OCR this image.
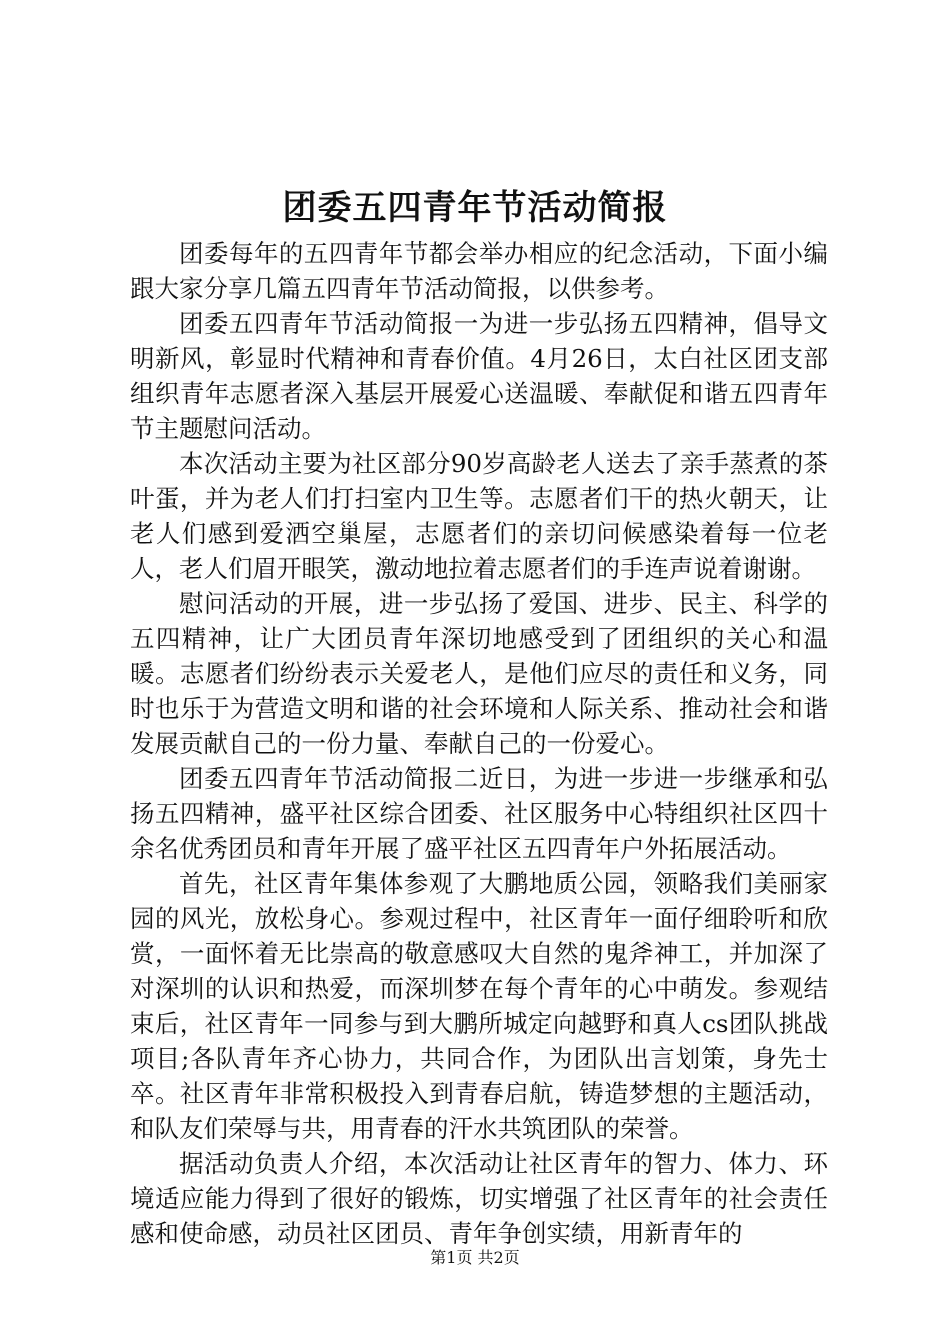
团委五四青年节活动简报

团委每年的五四青年节都会举办相应的纪念活动，下面小编跟大家分享几篇五四青年节活动简报，以供参考。

团委五四青年节活动简报一为进一步弘扬五四精神，倡导文明新风，彰显时代精神和青春价值。4月26日，太白社区团支部组织青年志愿者深入基层开展爱心送温暖、奉献促和谐五四青年节主题慰问活动。

本次活动主要为社区部分90岁高龄老人送去了亲手蒸煮的茶叶蛋，并为老人们打扫室内卫生等。志愿者们干的热火朝天，让老人们感到爱洒空巢屋，志愿者们的亲切问候感染着每一位老人，老人们眉开眼笑，激动地拉着志愿者们的手连声说着谢谢。

慰问活动的开展，进一步弘扬了爱国、进步、民主、科学的五四精神，让广大团员青年深切地感受到了团组织的关心和温暖。志愿者们纷纷表示关爱老人，是他们应尽的责任和义务，同时也乐于为营造文明和谐的社会环境和人际关系、推动社会和谐发展贡献自己的一份力量、奉献自己的一份爱心。

团委五四青年节活动简报二近日，为进一步进一步继承和弘扬五四精神，盛平社区综合团委、社区服务中心特组织社区四十余名优秀团员和青年开展了盛平社区五四青年户外拓展活动。

首先，社区青年集体参观了大鹏地质公园，领略我们美丽家园的风光，放松身心。参观过程中，社区青年一面仔细聆听和欣赏，一面怀着无比崇高的敬意感叹大自然的鬼斧神工，并加深了对深圳的认识和热爱，而深圳梦在每个青年的心中萌发。参观结束后，社区青年一同参与到大鹏所城定向越野和真人cs团队挑战项目;各队青年齐心协力，共同合作，为团队出言划策，身先士卒。社区青年非常积极投入到青春启航，铸造梦想的主题活动，和队友们荣辱与共，用青春的汗水共筑团队的荣誉。

据活动负责人介绍，本次活动让社区青年的智力、体力、环境适应能力得到了很好的锻炼，切实增强了社区青年的社会责任感和使命感，动员社区团员、青年争创实绩，用新青年的

第1页 共2页
